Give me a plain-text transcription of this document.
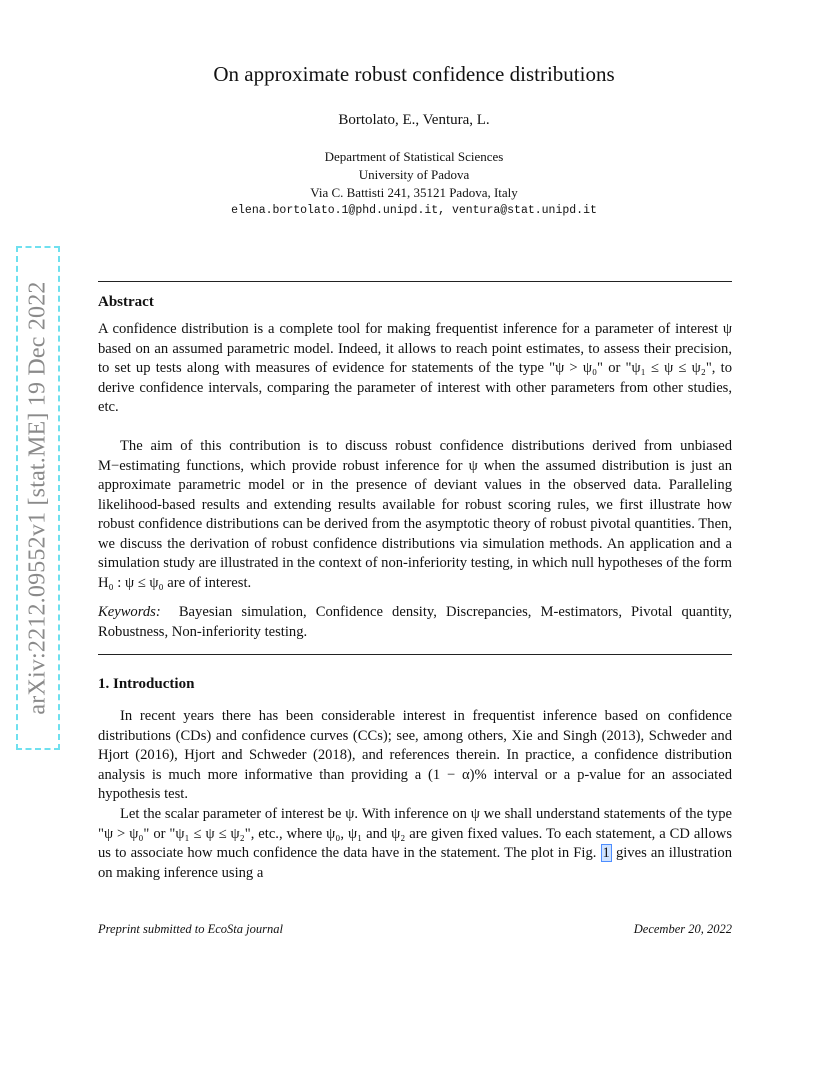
arXiv:2212.09552v1 [stat.ME] 19 Dec 2022
On approximate robust confidence distributions
Bortolato, E., Ventura, L.
Department of Statistical Sciences
University of Padova
Via C. Battisti 241, 35121 Padova, Italy
elena.bortolato.1@phd.unipd.it, ventura@stat.unipd.it
Abstract

A confidence distribution is a complete tool for making frequentist inference for a parameter of interest ψ based on an assumed parametric model. Indeed, it allows to reach point estimates, to assess their precision, to set up tests along with measures of evidence for statements of the type "ψ > ψ₀" or "ψ₁ ≤ ψ ≤ ψ₂", to derive confidence intervals, comparing the parameter of interest with other parameters from other studies, etc.

The aim of this contribution is to discuss robust confidence distributions derived from unbiased M−estimating functions, which provide robust inference for ψ when the assumed distribution is just an approximate parametric model or in the presence of deviant values in the observed data. Paralleling likelihood-based results and extending results available for robust scoring rules, we first illustrate how robust confidence distributions can be derived from the asymptotic theory of robust pivotal quantities. Then, we discuss the derivation of robust confidence distributions via simulation methods. An application and a simulation study are illustrated in the context of non-inferiority testing, in which null hypotheses of the form H₀ : ψ ≤ ψ₀ are of interest.

Keywords: Bayesian simulation, Confidence density, Discrepancies, M-estimators, Pivotal quantity, Robustness, Non-inferiority testing.

1. Introduction

In recent years there has been considerable interest in frequentist inference based on confidence distributions (CDs) and confidence curves (CCs); see, among others, Xie and Singh (2013), Schweder and Hjort (2016), Hjort and Schweder (2018), and references therein. In practice, a confidence distribution analysis is much more informative than providing a (1 − α)% interval or a p-value for an associated hypothesis test.

Let the scalar parameter of interest be ψ. With inference on ψ we shall understand statements of the type "ψ > ψ₀" or "ψ₁ ≤ ψ ≤ ψ₂", etc., where ψ₀, ψ₁ and ψ₂ are given fixed values. To each statement, a CD allows us to associate how much confidence the data have in the statement. The plot in Fig. 1 gives an illustration on making inference using a

Preprint submitted to EcoSta journal	December 20, 2022
